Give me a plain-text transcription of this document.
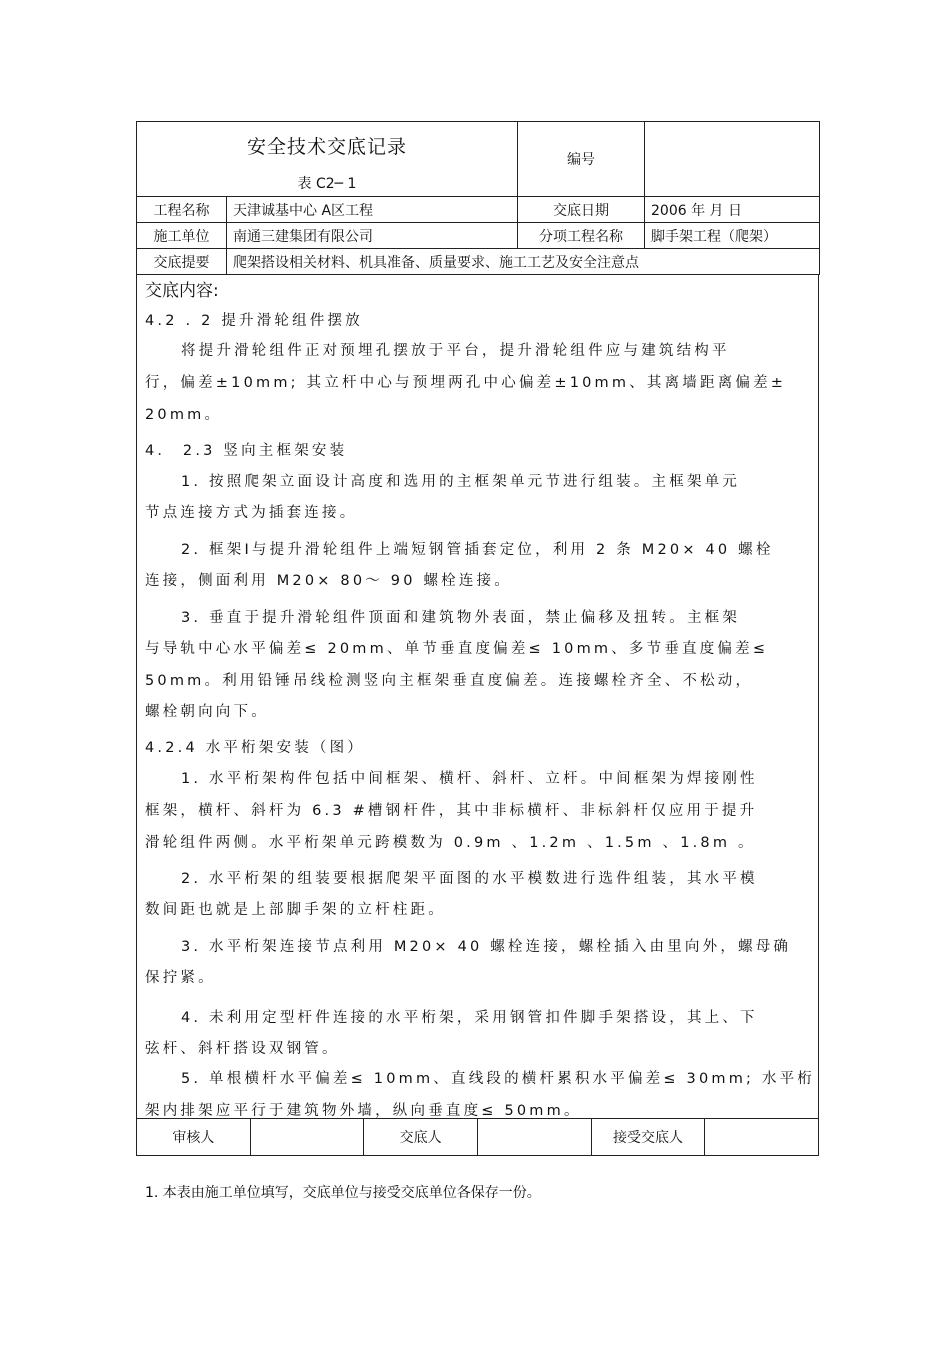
安全技术交底记录
表 C2─ 1		编号	
工程名称	天津诚基中心 A区工程	交底日期	2006 年 月 日
施工单位	南通三建集团有限公司	分项工程名称	脚手架工程（爬架）
交底提要	爬架搭设相关材料、机具准备、质量要求、施工工艺及安全注意点		
交底内容:
4.2 . 2 提升滑轮组件摆放
将提升滑轮组件正对预埋孔摆放于平台，提升滑轮组件应与建筑结构平
行，偏差±10mm; 其立杆中心与预埋两孔中心偏差±10mm、其离墙距离偏差±
20mm。
4． 2.3 竖向主框架安装
1. 按照爬架立面设计高度和选用的主框架单元节进行组装。主框架单元
节点连接方式为插套连接。
2. 框架Ⅰ与提升滑轮组件上端短钢管插套定位，利用 2 条 M20× 40 螺栓
连接，侧面利用 M20× 80～ 90 螺栓连接。
3. 垂直于提升滑轮组件顶面和建筑物外表面，禁止偏移及扭转。主框架
与导轨中心水平偏差≤ 20mm、单节垂直度偏差≤ 10mm、多节垂直度偏差≤
50mm。利用铅锤吊线检测竖向主框架垂直度偏差。连接螺栓齐全、不松动，
螺栓朝向向下。
4.2.4 水平桁架安装（图）
1. 水平桁架构件包括中间框架、横杆、斜杆、立杆。中间框架为焊接刚性
框架，横杆、斜杆为 6.3 #槽钢杆件，其中非标横杆、非标斜杆仅应用于提升
滑轮组件两侧。水平桁架单元跨模数为 0.9m 、1.2m 、1.5m 、1.8m 。
2. 水平桁架的组装要根据爬架平面图的水平模数进行选件组装，其水平模
数间距也就是上部脚手架的立杆柱距。
3. 水平桁架连接节点利用 M20× 40 螺栓连接，螺栓插入由里向外，螺母确
保拧紧。
4. 未利用定型杆件连接的水平桁架，采用钢管扣件脚手架搭设，其上、下
弦杆、斜杆搭设双钢管。
5. 单根横杆水平偏差≤ 10mm、直线段的横杆累积水平偏差≤ 30mm; 水平桁
架内排架应平行于建筑物外墙，纵向垂直度≤ 50mm。
审核人		交底人		接受交底人	
1. 本表由施工单位填写，交底单位与接受交底单位各保存一份。
